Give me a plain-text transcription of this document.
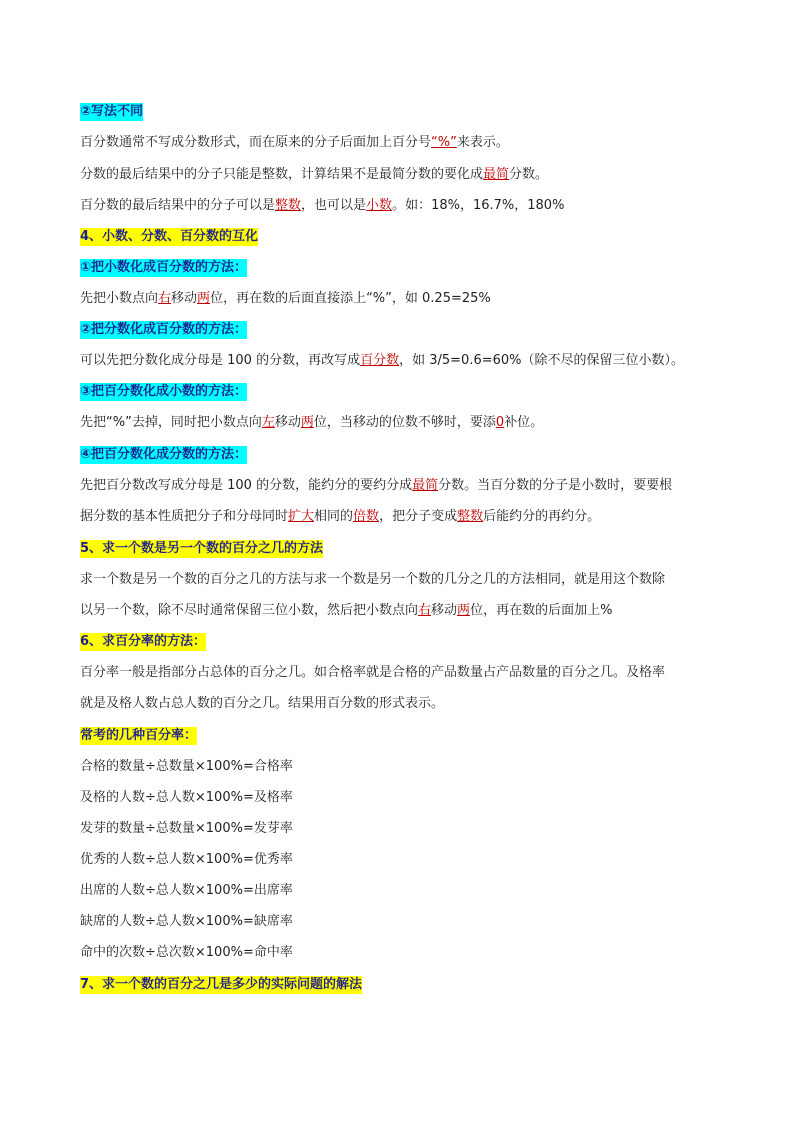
②写法不同
百分数通常不写成分数形式，而在原来的分子后面加上百分号“%”来表示。
分数的最后结果中的分子只能是整数，计算结果不是最简分数的要化成最简分数。
百分数的最后结果中的分子可以是整数，也可以是小数。如：18%，16.7%，180%
4、小数、分数、百分数的互化
①把小数化成百分数的方法：
先把小数点向右移动两位，再在数的后面直接添上“%”，如 0.25=25%
②把分数化成百分数的方法：
可以先把分数化成分母是 100 的分数，再改写成百分数，如 3/5=0.6=60%（除不尽的保留三位小数）。
③把百分数化成小数的方法：
先把“%”去掉，同时把小数点向左移动两位，当移动的位数不够时，要添0补位。
④把百分数化成分数的方法：
先把百分数改写成分母是 100 的分数，能约分的要约分成最简分数。当百分数的分子是小数时，要要根
据分数的基本性质把分子和分母同时扩大相同的倍数，把分子变成整数后能约分的再约分。
5、求一个数是另一个数的百分之几的方法
求一个数是另一个数的百分之几的方法与求一个数是另一个数的几分之几的方法相同，就是用这个数除
以另一个数，除不尽时通常保留三位小数，然后把小数点向右移动两位，再在数的后面加上%
6、求百分率的方法：
百分率一般是指部分占总体的百分之几。如合格率就是合格的产品数量占产品数量的百分之几。及格率
就是及格人数占总人数的百分之几。结果用百分数的形式表示。
常考的几种百分率：
合格的数量÷总数量×100%=合格率
及格的人数÷总人数×100%=及格率
发芽的数量÷总数量×100%=发芽率
优秀的人数÷总人数×100%=优秀率
出席的人数÷总人数×100%=出席率
缺席的人数÷总人数×100%=缺席率
命中的次数÷总次数×100%=命中率
7、求一个数的百分之几是多少的实际问题的解法
